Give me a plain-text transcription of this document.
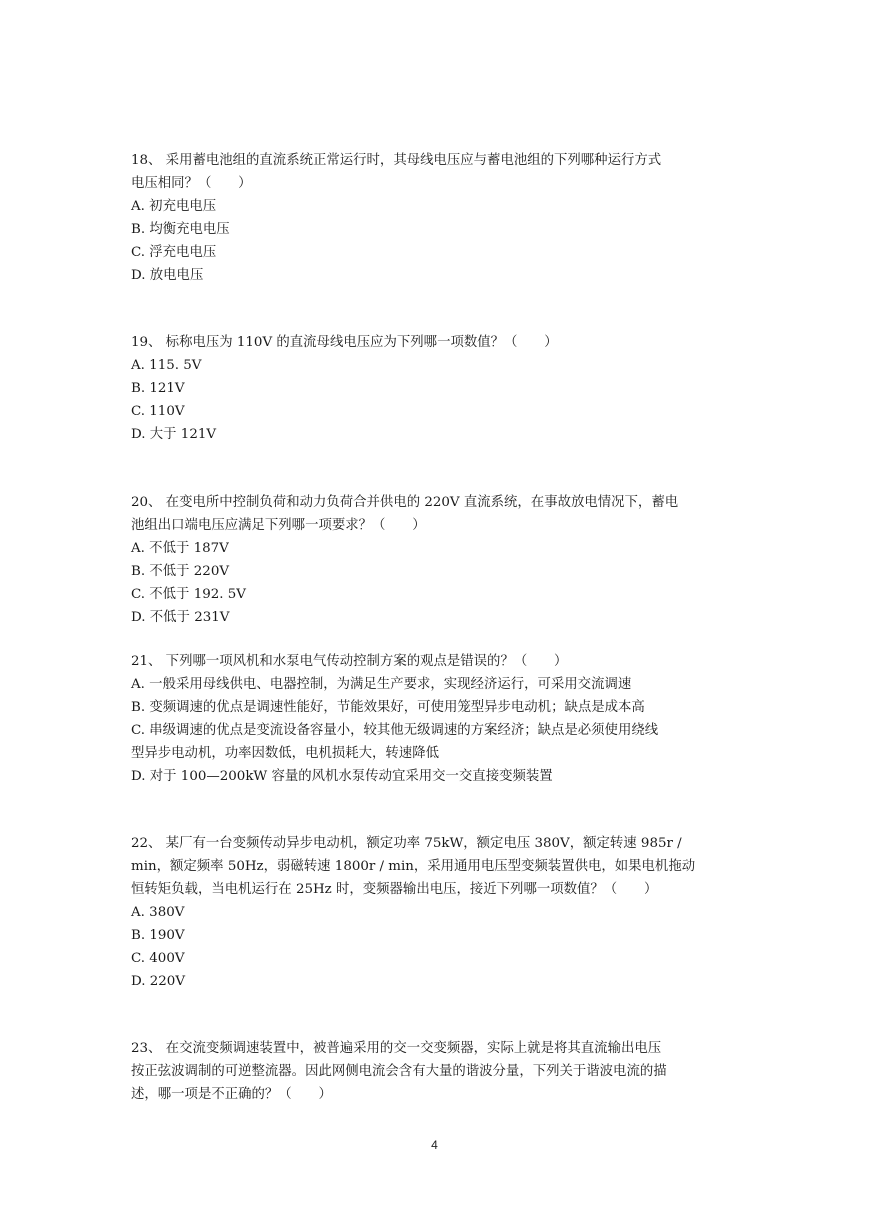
18、 采用蓄电池组的直流系统正常运行时，其母线电压应与蓄电池组的下列哪种运行方式
电压相同？（　　）
A. 初充电电压
B. 均衡充电电压
C. 浮充电电压
D. 放电电压
19、 标称电压为 110V 的直流母线电压应为下列哪一项数值？（　　）
A. 115. 5V
B. 121V
C. 110V
D. 大于 121V
20、 在变电所中控制负荷和动力负荷合并供电的 220V 直流系统，在事故放电情况下，蓄电
池组出口端电压应满足下列哪一项要求？（　　）
A. 不低于 187V
B. 不低于 220V
C. 不低于 192. 5V
D. 不低于 231V
21、 下列哪一项风机和水泵电气传动控制方案的观点是错误的？（　　）
A. 一般采用母线供电、电器控制，为满足生产要求，实现经济运行，可采用交流调速
B. 变频调速的优点是调速性能好，节能效果好，可使用笼型异步电动机；缺点是成本高
C. 串级调速的优点是变流设备容量小，较其他无级调速的方案经济；缺点是必须使用绕线
型异步电动机，功率因数低，电机损耗大，转速降低
D. 对于 100—200kW 容量的风机水泵传动宜采用交一交直接变频装置
22、 某厂有一台变频传动异步电动机，额定功率 75kW，额定电压 380V，额定转速 985r /
min，额定频率 50Hz，弱磁转速 1800r / min，采用通用电压型变频装置供电，如果电机拖动
恒转矩负载，当电机运行在 25Hz 时，变频器输出电压，接近下列哪一项数值？（　　）
A. 380V
B. 190V
C. 400V
D. 220V
23、 在交流变频调速装置中，被普遍采用的交一交变频器，实际上就是将其直流输出电压
按正弦波调制的可逆整流器。因此网侧电流会含有大量的谐波分量，下列关于谐波电流的描
述，哪一项是不正确的？（　　）
4
